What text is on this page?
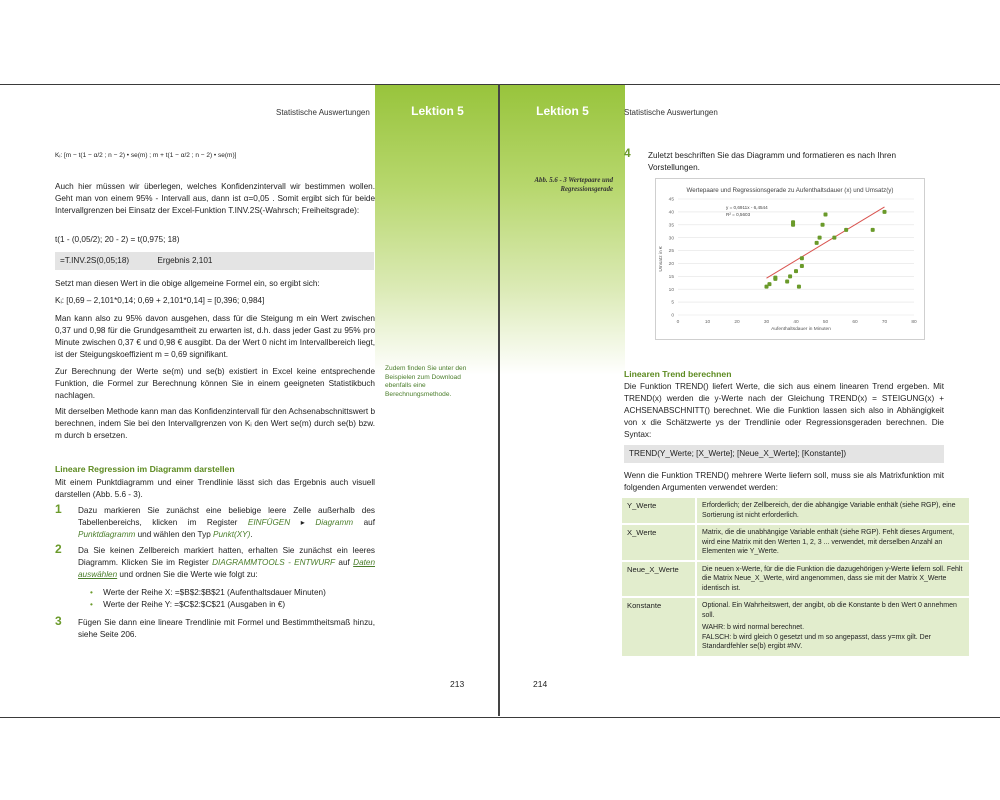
Lektion 5	Lektion 5
Statistische Auswertungen	Statistische Auswertungen
Kᵢ: [m − t(1 − α/2 ; n − 2) • se(m) ; m + t(1 − α/2 ; n − 2) • se(m)]

Auch hier müssen wir überlegen, welches Konfidenzintervall wir bestimmen wollen. Geht man von einem 95% - Intervall aus, dann ist α=0,05 . Somit ergibt sich für beide Intervallgrenzen bei Einsatz der Excel-Funktion T.INV.2S(-Wahrsch; Freiheitsgrade):

t(1 - (0,05/2); 20 - 2) = t(0,975; 18)

=T.INV.2S(0,05;18)	Ergebnis 2,101

Setzt man diesen Wert in die obige allgemeine Formel ein, so ergibt sich:

Kᵢ: [0,69 – 2,101*0,14; 0,69 + 2,101*0,14] = [0,396; 0,984]

Man kann also zu 95% davon ausgehen, dass für die Steigung m ein Wert zwischen 0,37 und 0,98 für die Grundgesamtheit zu erwarten ist, d.h. dass jeder Gast zu 95% pro Minute zwischen 0,37 € und 0,98 € ausgibt. Da der Wert 0 nicht im Intervallbereich liegt, ist der Steigungskoeffizient m = 0,69 signifikant.

Zur Berechnung der Werte se(m) und se(b) existiert in Excel keine entsprechende Funktion, die Formel zur Berechnung können Sie in einem geeigneten Statistikbuch nachlagen.

Mit derselben Methode kann man das Konfidenzintervall für den Achsenabschnittswert b berechnen, indem Sie bei den Intervallgrenzen von Kᵢ den Wert se(m) durch se(b) bzw. m durch b ersetzen.

Lineare Regression im Diagramm darstellen

Mit einem Punktdiagramm und einer Trendlinie lässt sich das Ergebnis auch visuell darstellen (Abb. 5.6 - 3).

1 Dazu markieren Sie zunächst eine beliebige leere Zelle außerhalb des Tabellenbereichs, klicken im Register EINFÜGEN ▸ Diagramm auf Punktdiagramm und wählen den Typ Punkt(XY).
2 Da Sie keinen Zellbereich markiert hatten, erhalten Sie zunächst ein leeres Diagramm. Klicken Sie im Register DIAGRAMMTOOLS - ENTWURF auf Daten auswählen und ordnen Sie die Werte wie folgt zu:
• Werte der Reihe X: =$B$2:$B$21 (Aufenthaltsdauer Minuten)
• Werte der Reihe Y: =$C$2:$C$21 (Ausgaben in €)
3 Fügen Sie dann eine lineare Trendlinie mit Formel und Bestimmtheitsmaß hinzu, siehe Seite 206.

Zudem finden Sie unter den Beispielen zum Download ebenfalls eine Berechnungsmethode.
213
4 Zuletzt beschriften Sie das Diagramm und formatieren es nach Ihren Vorstellungen.

Abb. 5.6 - 3 Wertepaare und Regressionsgerade	Wertepaare und Regressionsgerade zu Aufenthaltsdauer (x) und Umsatz(y)
Umsatz in €
Aufenthaltsdauer in Minuten
y = 0,6911x - 6,4544
R² = 0,5603
0
5
10
15
20
25
30
35
40
45
0	10	20	30	40	50	60	70	80
Linearen Trend berechnen

Die Funktion TREND() liefert Werte, die sich aus einem linearen Trend ergeben. Mit TREND(x) werden die y-Werte nach der Gleichung TREND(x) = STEIGUNG(x) + ACHSENABSCHNITT() berechnet. Wie die Funktion lassen sich also in Abhängigkeit von x die Schätzwerte ys der Trendlinie oder Regressionsgeraden berechnen. Die Syntax:

TREND(Y_Werte; [X_Werte]; [Neue_X_Werte]; [Konstante])

Wenn die Funktion TREND() mehrere Werte liefern soll, muss sie als Matrixfunktion mit folgenden Argumenten verwendet werden:

Y_Werte	Erforderlich; der Zellbereich, der die abhängige Variable enthält (siehe RGP), eine Sortierung ist nicht erforderlich.
X_Werte	Matrix, die die unabhängige Variable enthält (siehe RGP). Fehlt dieses Argument, wird eine Matrix mit den Werten 1, 2, 3 ... verwendet, mit derselben Anzahl an Elementen wie Y_Werte.
Neue_X_Werte	Die neuen x-Werte, für die die Funktion die dazugehörigen y-Werte liefern soll. Fehlt die Matrix Neue_X_Werte, wird angenommen, dass sie mit der Matrix X_Werte identisch ist.
Konstante	Optional. Ein Wahrheitswert, der angibt, ob die Konstante b den Wert 0 annehmen soll.
WAHR: b wird normal berechnet.
FALSCH: b wird gleich 0 gesetzt und m so angepasst, dass y=mx gilt. Der Standardfehler se(b) ergibt #NV.
214
